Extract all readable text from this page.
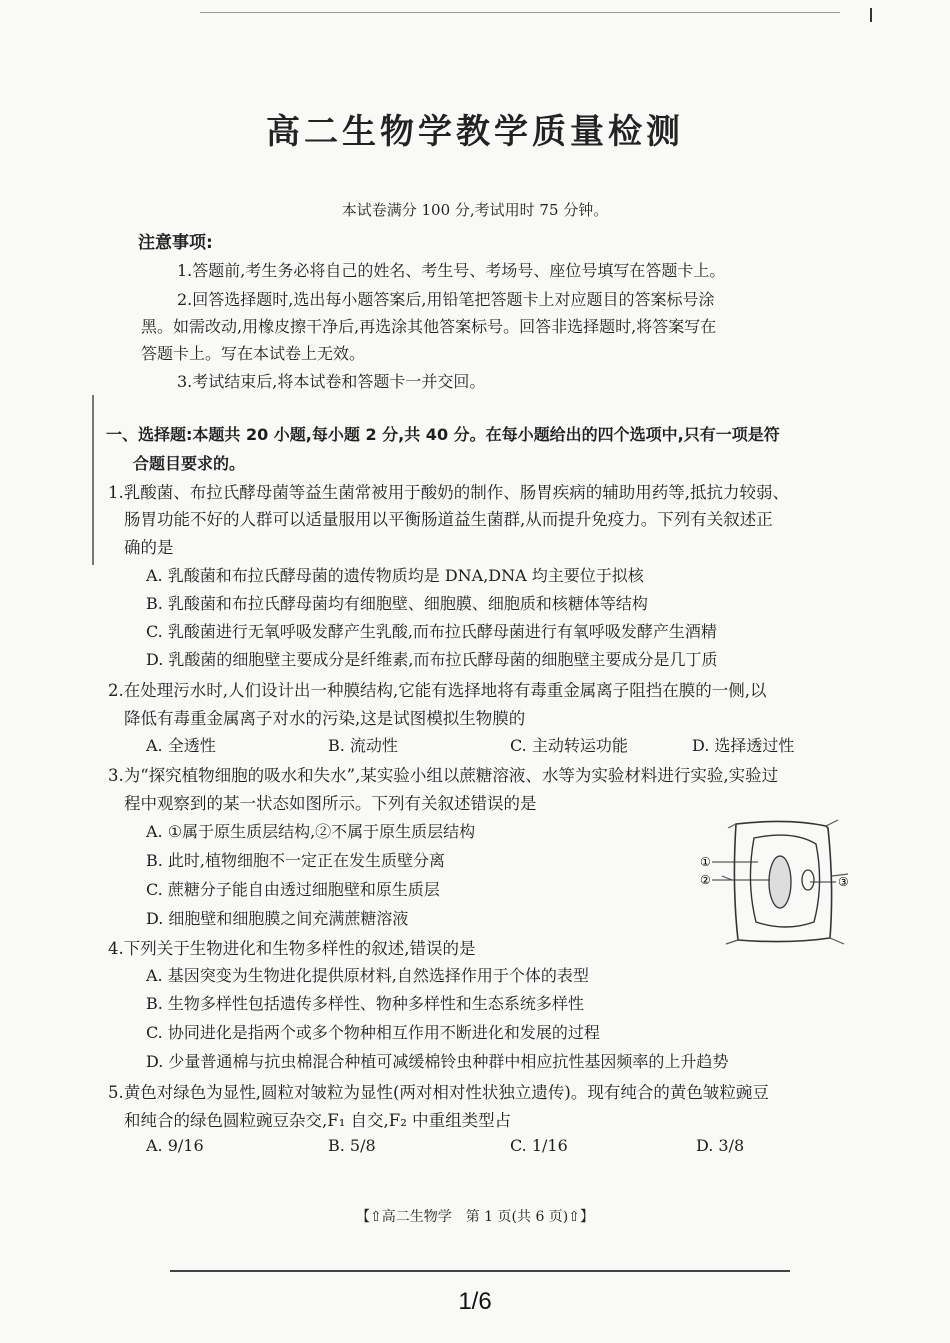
高二生物学教学质量检测
本试卷满分 100 分,考试用时 75 分钟。
注意事项:
1.答题前,考生务必将自己的姓名、考生号、考场号、座位号填写在答题卡上。
2.回答选择题时,选出每小题答案后,用铅笔把答题卡上对应题目的答案标号涂
黑。如需改动,用橡皮擦干净后,再选涂其他答案标号。回答非选择题时,将答案写在
答题卡上。写在本试卷上无效。
3.考试结束后,将本试卷和答题卡一并交回。
一、选择题:本题共 20 小题,每小题 2 分,共 40 分。在每小题给出的四个选项中,只有一项是符
合题目要求的。
1.乳酸菌、布拉氏酵母菌等益生菌常被用于酸奶的制作、肠胃疾病的辅助用药等,抵抗力较弱、
肠胃功能不好的人群可以适量服用以平衡肠道益生菌群,从而提升免疫力。下列有关叙述正
确的是
A. 乳酸菌和布拉氏酵母菌的遗传物质均是 DNA,DNA 均主要位于拟核
B. 乳酸菌和布拉氏酵母菌均有细胞壁、细胞膜、细胞质和核糖体等结构
C. 乳酸菌进行无氧呼吸发酵产生乳酸,而布拉氏酵母菌进行有氧呼吸发酵产生酒精
D. 乳酸菌的细胞壁主要成分是纤维素,而布拉氏酵母菌的细胞壁主要成分是几丁质
2.在处理污水时,人们设计出一种膜结构,它能有选择地将有毒重金属离子阻挡在膜的一侧,以
降低有毒重金属离子对水的污染,这是试图模拟生物膜的
A. 全透性	B. 流动性	C. 主动转运功能	D. 选择透过性
3.为“探究植物细胞的吸水和失水”,某实验小组以蔗糖溶液、水等为实验材料进行实验,实验过
程中观察到的某一状态如图所示。下列有关叙述错误的是
A. ①属于原生质层结构,②不属于原生质层结构
B. 此时,植物细胞不一定正在发生质壁分离
C. 蔗糖分子能自由透过细胞壁和原生质层
D. 细胞壁和细胞膜之间充满蔗糖溶液
①
②	③
4.下列关于生物进化和生物多样性的叙述,错误的是
A. 基因突变为生物进化提供原材料,自然选择作用于个体的表型
B. 生物多样性包括遗传多样性、物种多样性和生态系统多样性
C. 协同进化是指两个或多个物种相互作用不断进化和发展的过程
D. 少量普通棉与抗虫棉混合种植可减缓棉铃虫种群中相应抗性基因频率的上升趋势
5.黄色对绿色为显性,圆粒对皱粒为显性(两对相对性状独立遗传)。现有纯合的黄色皱粒豌豆
和纯合的绿色圆粒豌豆杂交,F₁ 自交,F₂ 中重组类型占
A. 9/16	B. 5/8	C. 1/16	D. 3/8
【⇧高二生物学　第 1 页(共 6 页)⇧】
1/6
